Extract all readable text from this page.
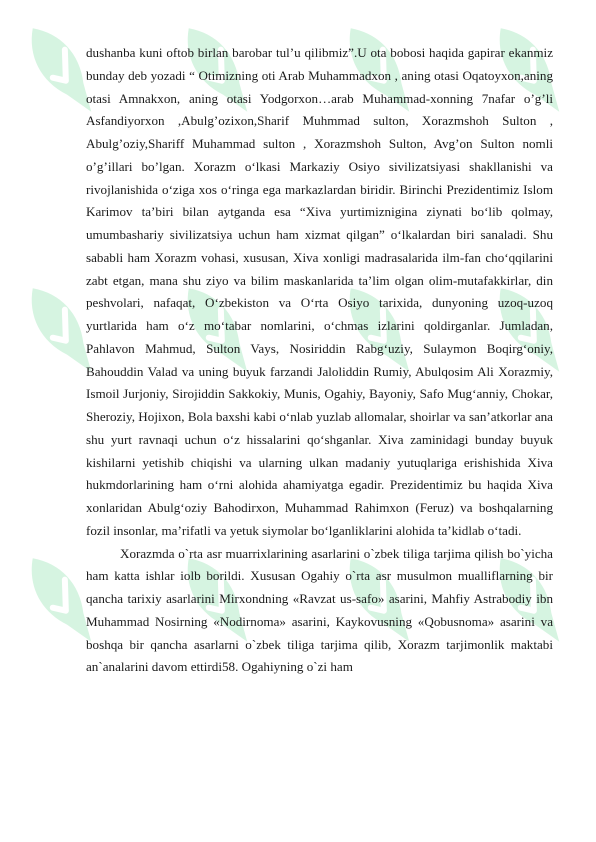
dushanba kuni oftob birlan barobar tul’u qilibmiz”.U ota bobosi haqida gapirar ekanmiz bunday deb yozadi “ Otimizning oti Arab Muhammadxon , aning otasi Oqatoyxon,aning otasi Amnakxon, aning otasi Yodgorxon…arab Muhammad-xonning 7nafar o’g’li Asfandiyorxon ,Abulg’ozixon,Sharif Muhmmad sulton, Xorazmshoh Sulton , Abulg’oziy,Shariff Muhammad sulton , Xorazmshoh Sulton, Avg’on Sulton nomli o’g’illari bo’lgan. Xorazm o‘lkasi Markaziy Osiyo sivilizatsiyasi shakllanishi va rivojlanishida o‘ziga xos o‘ringa ega markazlardan biridir. Birinchi Prezidentimiz Islom Karimov ta’biri bilan aytganda esa “Xiva yurtimiznigina ziynati bo‘lib qolmay, umumbashariy sivilizatsiya uchun ham xizmat qilgan” o‘lkalardan biri sanaladi. Shu sababli ham Xorazm vohasi, xususan, Xiva xonligi madrasalarida ilm-fan cho‘qqilarini zabt etgan, mana shu ziyo va bilim maskanlarida ta’lim olgan olim-mutafakkirlar, din peshvolari, nafaqat, O‘zbekiston va O‘rta Osiyo tarixida, dunyoning uzoq-uzoq yurtlarida ham o‘z mo‘tabar nomlarini, o‘chmas izlarini qoldirganlar. Jumladan, Pahlavon Mahmud, Sulton Vays, Nosiriddin Rabg‘uziy, Sulaymon Boqirg‘oniy, Bahouddin Valad va uning buyuk farzandi Jaloliddin Rumiy, Abulqosim Ali Xorazmiy, Ismoil Jurjoniy, Sirojiddin Sakkokiy, Munis, Ogahiy, Bayoniy, Safo Mug‘anniy, Chokar, Sheroziy, Hojixon, Bola baxshi kabi o‘nlab yuzlab allomalar, shoirlar va san’atkorlar ana shu yurt ravnaqi uchun o‘z hissalarini qo‘shganlar. Xiva zaminidagi bunday buyuk kishilarni yetishib chiqishi va ularning ulkan madaniy yutuqlariga erishishida Xiva hukmdorlarining ham o‘rni alohida ahamiyatga egadir. Prezidentimiz bu haqida Xiva xonlaridan Abulg‘oziy Bahodirxon, Muhammad Rahimxon (Feruz) va boshqalarning fozil insonlar, ma’rifatli va yetuk siymolar bo‘lganliklarini alohida ta’kidlab o‘tadi.

Xorazmda o`rta asr muarrixlarining asarlarini o`zbek tiliga tarjima qilish bo`yicha ham katta ishlar iolb borildi. Xususan Ogahiy o`rta asr musulmon mualliflarning bir qancha tarixiy asarlarini Mirxondning «Ravzat us-safo» asarini, Mahfiy Astrabodiy ibn Muhammad Nosirning «Nodirnoma» asarini, Kaykovusning «Qobusnoma» asarini va boshqa bir qancha asarlarni o`zbek tiliga tarjima qilib, Xorazm tarjimonlik maktabi an`analarini davom ettirdi58. Ogahiyning o`zi ham
